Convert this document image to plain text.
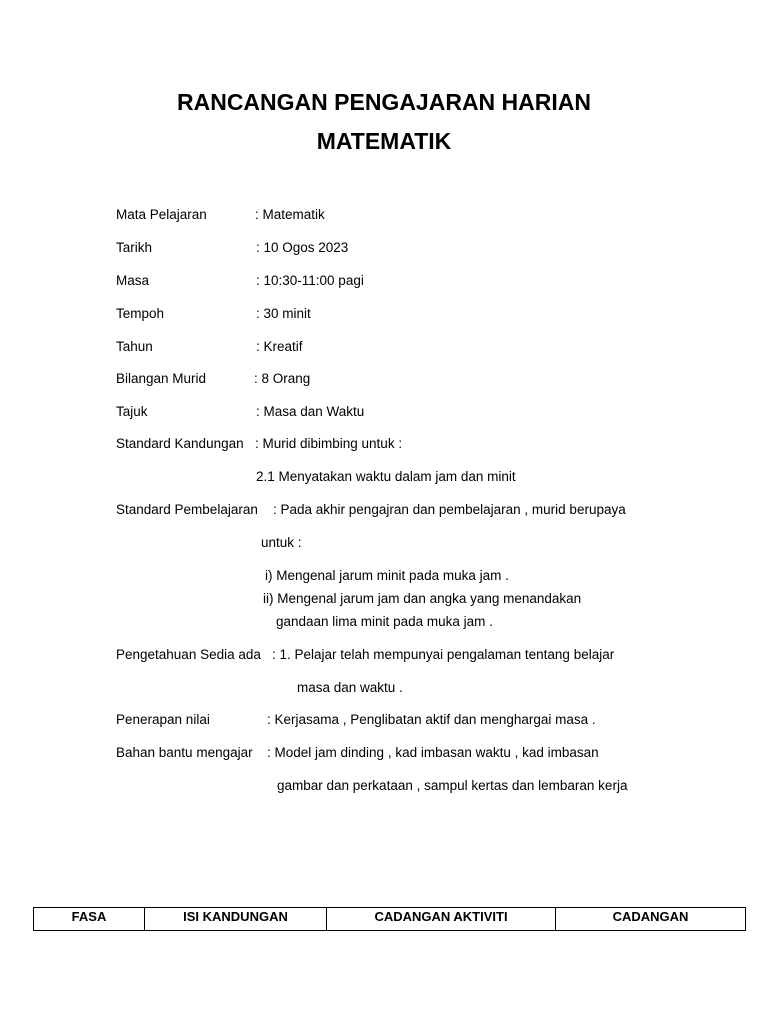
RANCANGAN PENGAJARAN HARIAN
MATEMATIK
Mata Pelajaran	: Matematik
Tarikh	: 10 Ogos 2023
Masa	: 10:30-11:00 pagi
Tempoh	: 30 minit
Tahun	: Kreatif
Bilangan Murid	: 8 Orang
Tajuk	: Masa dan Waktu
Standard Kandungan : Murid dibimbing untuk :
2.1 Menyatakan waktu dalam jam dan minit
Standard Pembelajaran : Pada akhir pengajran dan pembelajaran , murid berupaya
untuk :
i) Mengenal jarum minit pada muka jam .
ii) Mengenal jarum jam dan angka yang menandakan
gandaan lima minit pada muka jam .
Pengetahuan Sedia ada : 1. Pelajar telah mempunyai pengalaman tentang belajar
masa dan waktu .
Penerapan nilai	: Kerjasama , Penglibatan aktif dan menghargai masa .
Bahan bantu mengajar : Model jam dinding , kad imbasan waktu , kad imbasan
gambar dan perkataan , sampul kertas dan lembaran kerja
FASA	ISI KANDUNGAN	CADANGAN AKTIVITI	CADANGAN
